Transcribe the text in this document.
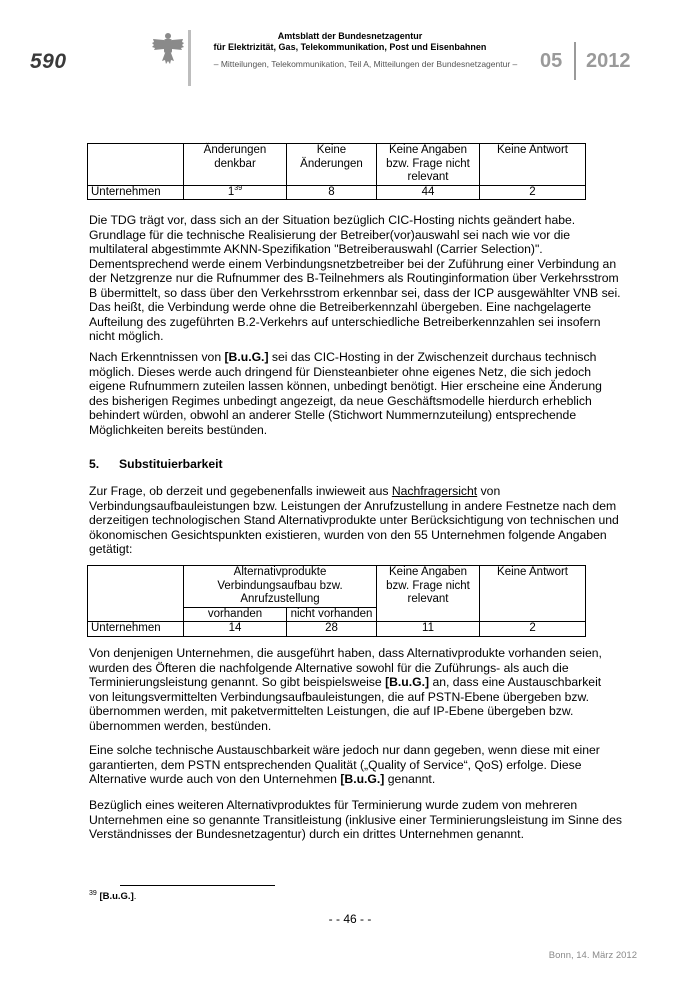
590
Amtsblatt der Bundesnetzagentur
für Elektrizität, Gas, Telekommunikation, Post und Eisenbahnen
– Mitteilungen, Telekommunikation, Teil A, Mitteilungen der Bundesnetzagentur –	05 2012
	Änderungen denkbar	Keine Änderungen	Keine Angaben bzw. Frage nicht relevant	Keine Antwort
Unternehmen	$1^{39}$	8	44	2
Die TDG trägt vor, dass sich an der Situation bezüglich CIC-Hosting nichts geändert habe. Grundlage für die technische Realisierung der Betreiber(vor)auswahl sei nach wie vor die multilateral abgestimmte AKNN-Spezifikation "Betreiberauswahl (Carrier Selection)". Dementsprechend werde einem Verbindungsnetzbetreiber bei der Zuführung einer Verbindung an der Netzgrenze nur die Rufnummer des B-Teilnehmers als Routinginformation über Verkehrsstrom B übermittelt, so dass über den Verkehrsstrom erkennbar sei, dass der ICP ausgewählter VNB sei. Das heißt, die Verbindung werde ohne die Betreiberkennzahl übergeben. Eine nachgelagerte Aufteilung des zugeführten B.2-Verkehrs auf unterschiedliche Betreiberkennzahlen sei insofern nicht möglich.
Nach Erkenntnissen von [B.u.G.] sei das CIC-Hosting in der Zwischenzeit durchaus technisch möglich. Dieses werde auch dringend für Diensteanbieter ohne eigenes Netz, die sich jedoch eigene Rufnummern zuteilen lassen können, unbedingt benötigt. Hier erscheine eine Änderung des bisherigen Regimes unbedingt angezeigt, da neue Geschäftsmodelle hierdurch erheblich behindert würden, obwohl an anderer Stelle (Stichwort Nummernzuteilung) entsprechende Möglichkeiten bereits bestünden.
5. Substituierbarkeit
Zur Frage, ob derzeit und gegebenenfalls inwieweit aus Nachfragersicht von Verbindungsaufbauleistungen bzw. Leistungen der Anrufzustellung in andere Festnetze nach dem derzeitigen technologischen Stand Alternativprodukte unter Berücksichtigung von technischen und ökonomischen Gesichtspunkten existieren, wurden von den 55 Unternehmen folgende Angaben getätigt:
	Alternativprodukte Verbindungsaufbau bzw. Anrufzustellung		Keine Angaben bzw. Frage nicht relevant	Keine Antwort
	vorhanden	nicht vorhanden		
Unternehmen	14	28	11	2
Von denjenigen Unternehmen, die ausgeführt haben, dass Alternativprodukte vorhanden seien, wurden des Öfteren die nachfolgende Alternative sowohl für die Zuführungs- als auch die Terminierungsleistung genannt. So gibt beispielsweise [B.u.G.] an, dass eine Austauschbarkeit von leitungsvermittelten Verbindungsaufbauleistungen, die auf PSTN-Ebene übergeben bzw. übernommen werden, mit paketvermittelten Leistungen, die auf IP-Ebene übergeben bzw. übernommen werden, bestünden.
Eine solche technische Austauschbarkeit wäre jedoch nur dann gegeben, wenn diese mit einer garantierten, dem PSTN entsprechenden Qualität („Quality of Service“, QoS) erfolge. Diese Alternative wurde auch von den Unternehmen [B.u.G.] genannt.
Bezüglich eines weiteren Alternativproduktes für Terminierung wurde zudem von mehreren Unternehmen eine so genannte Transitleistung (inklusive einer Terminierungsleistung im Sinne des Verständnisses der Bundesnetzagentur) durch ein drittes Unternehmen genannt.
$^{39}$ [B.u.G.].
- - 46 - -
Bonn, 14. März 2012
